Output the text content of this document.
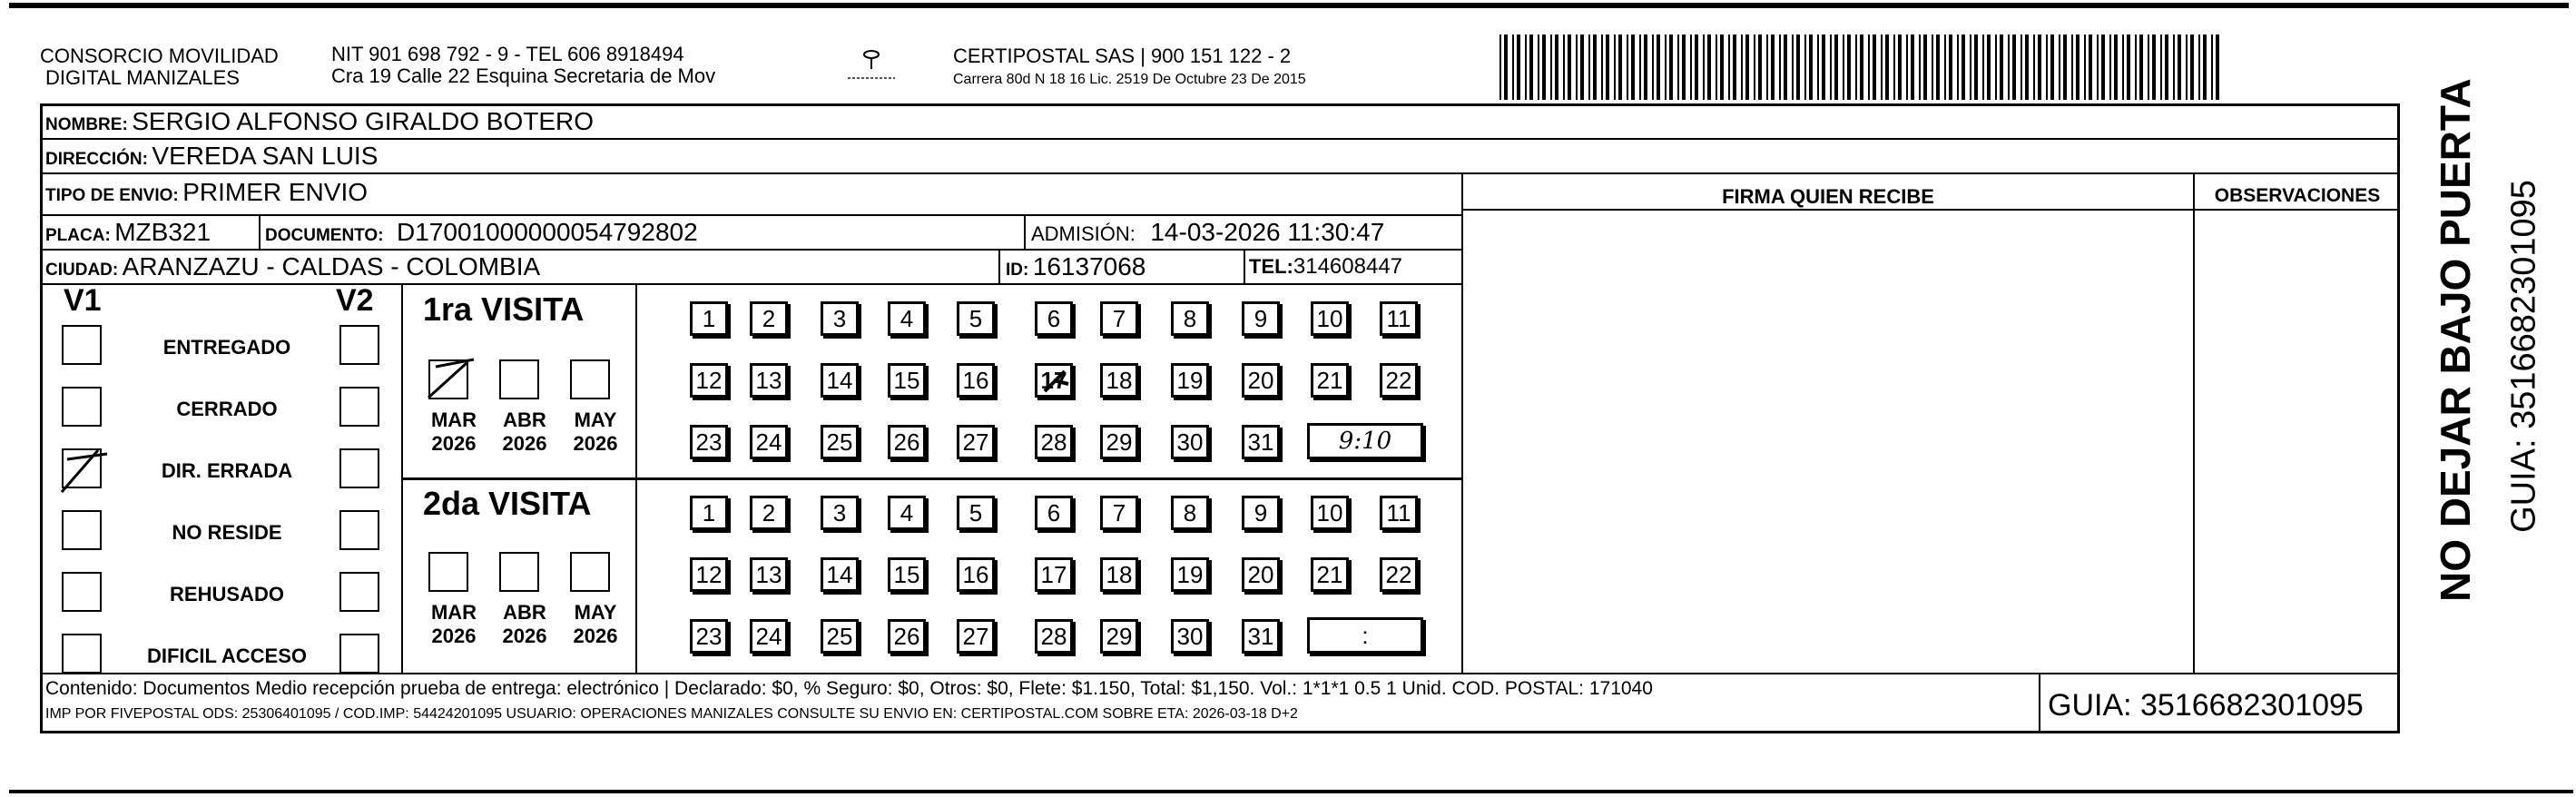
CONSORCIO MOVILIDAD
DIGITAL MANIZALES
NIT 901 698 792 - 9 - TEL 606 8918494
Cra 19 Calle 22 Esquina Secretaria de Mov
CERTIPOSTAL SAS | 900 151 122 - 2
Carrera 80d N 18 16 Lic. 2519 De Octubre 23 De 2015
NOMBRE: SERGIO ALFONSO GIRALDO BOTERO
DIRECCIÓN: VEREDA SAN LUIS
TIPO DE ENVIO: PRIMER ENVIO
PLACA: MZB321	DOCUMENTO: D17001000000054792802	ADMISIÓN: 14-03-2026 11:30:47
CIUDAD: ARANZAZU - CALDAS - COLOMBIA	ID: 16137068	TEL:314608447
FIRMA QUIEN RECIBE	OBSERVACIONES	NO DEJAR BAJO PUERTA GUIA: 3516682301095
V1	V2
ENTREGADO
CERRADO
DIR. ERRADA
NO RESIDE
REHUSADO
DIFICIL ACCESO
1ra VISITA
2da VISITA
MAR
2026
ABR
2026
MAY
2026
MAR
2026
ABR
2026
MAY
2026
1	2	3	4	5	6	7	8	9	10 11
12 13 14 15 16 17 18 19 20 21 22
23 24 25 26 27 28 29 30 31	9:10
1	2	3	4	5	6	7	8	9	10 11
12 13 14 15 16 17 18 19 20 21 22
23 24 25 26 27 28 29 30 31	:
Contenido: Documentos Medio recepción prueba de entrega: electrónico | Declarado: $0, % Seguro: $0, Otros: $0, Flete: $1.150, Total: $1,150. Vol.: 1*1*1 0.5 1 Unid. COD. POSTAL: 171040
IMP POR FIVEPOSTAL ODS: 25306401095 / COD.IMP: 54424201095 USUARIO: OPERACIONES MANIZALES CONSULTE SU ENVIO EN: CERTIPOSTAL.COM SOBRE ETA: 2026-03-18 D+2	GUIA: 3516682301095
